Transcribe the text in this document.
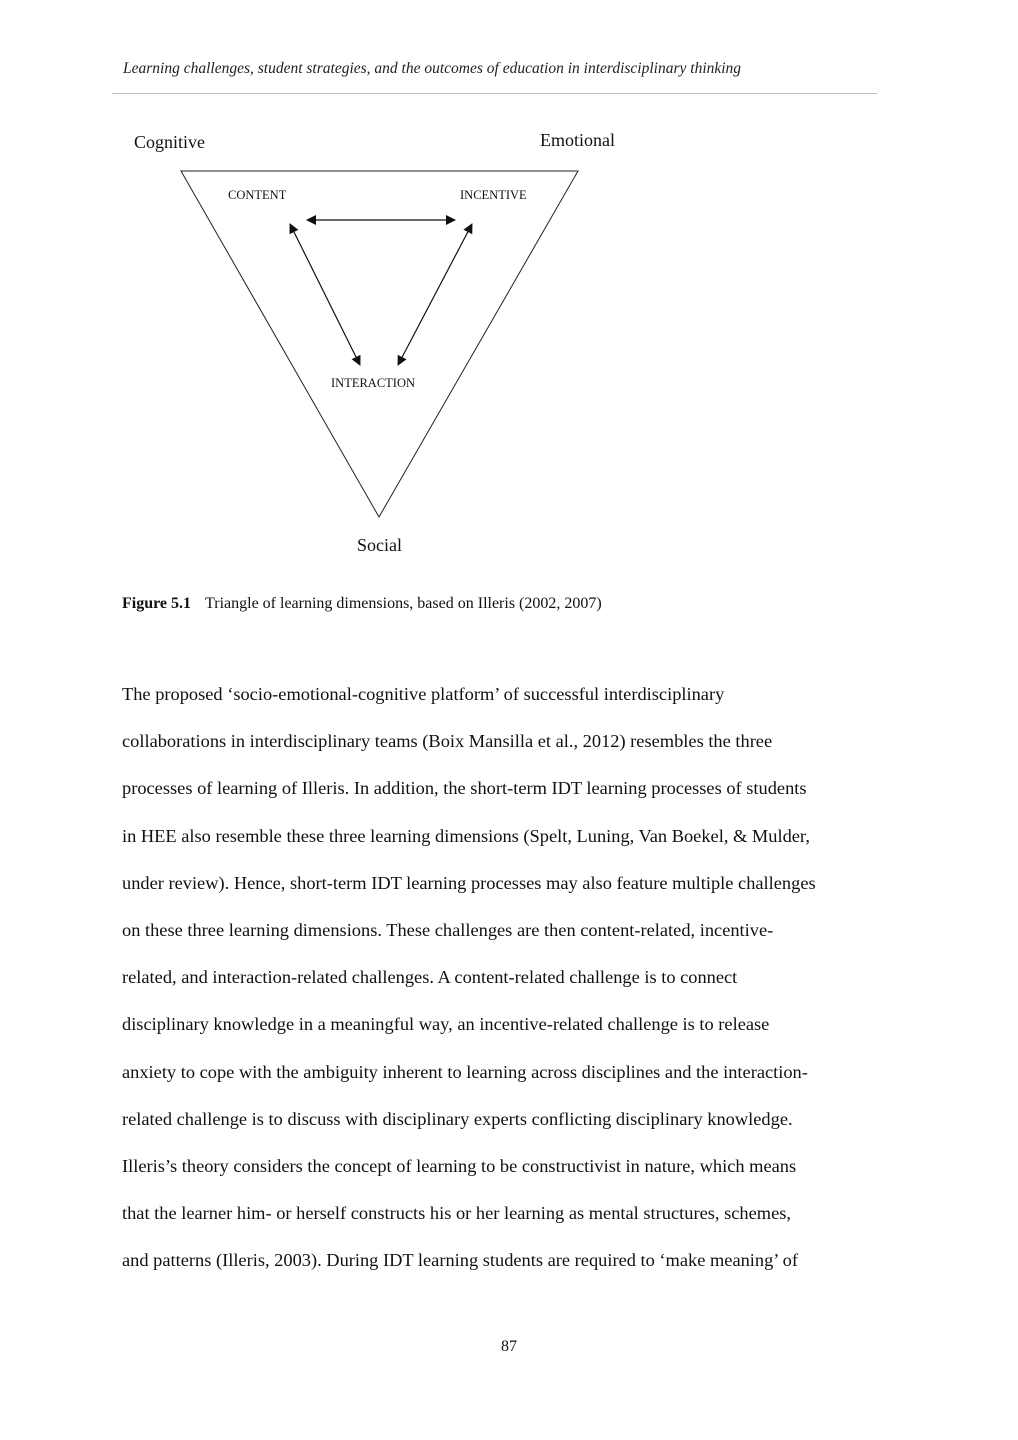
Learning challenges, student strategies, and the outcomes of education in interdisciplinary thinking
Cognitive	Emotional
Social
CONTENT	INCENTIVE
INTERACTION
Figure 5.1 Triangle of learning dimensions, based on Illeris (2002, 2007)
The proposed ‘socio-emotional-cognitive platform’ of successful interdisciplinary
collaborations in interdisciplinary teams (Boix Mansilla et al., 2012) resembles the three
processes of learning of Illeris. In addition, the short-term IDT learning processes of students
in HEE also resemble these three learning dimensions (Spelt, Luning, Van Boekel, & Mulder,
under review). Hence, short-term IDT learning processes may also feature multiple challenges
on these three learning dimensions. These challenges are then content-related, incentive-
related, and interaction-related challenges. A content-related challenge is to connect
disciplinary knowledge in a meaningful way, an incentive-related challenge is to release
anxiety to cope with the ambiguity inherent to learning across disciplines and the interaction-
related challenge is to discuss with disciplinary experts conflicting disciplinary knowledge.
Illeris’s theory considers the concept of learning to be constructivist in nature, which means
that the learner him- or herself constructs his or her learning as mental structures, schemes,
and patterns (Illeris, 2003). During IDT learning students are required to ‘make meaning’ of
87
